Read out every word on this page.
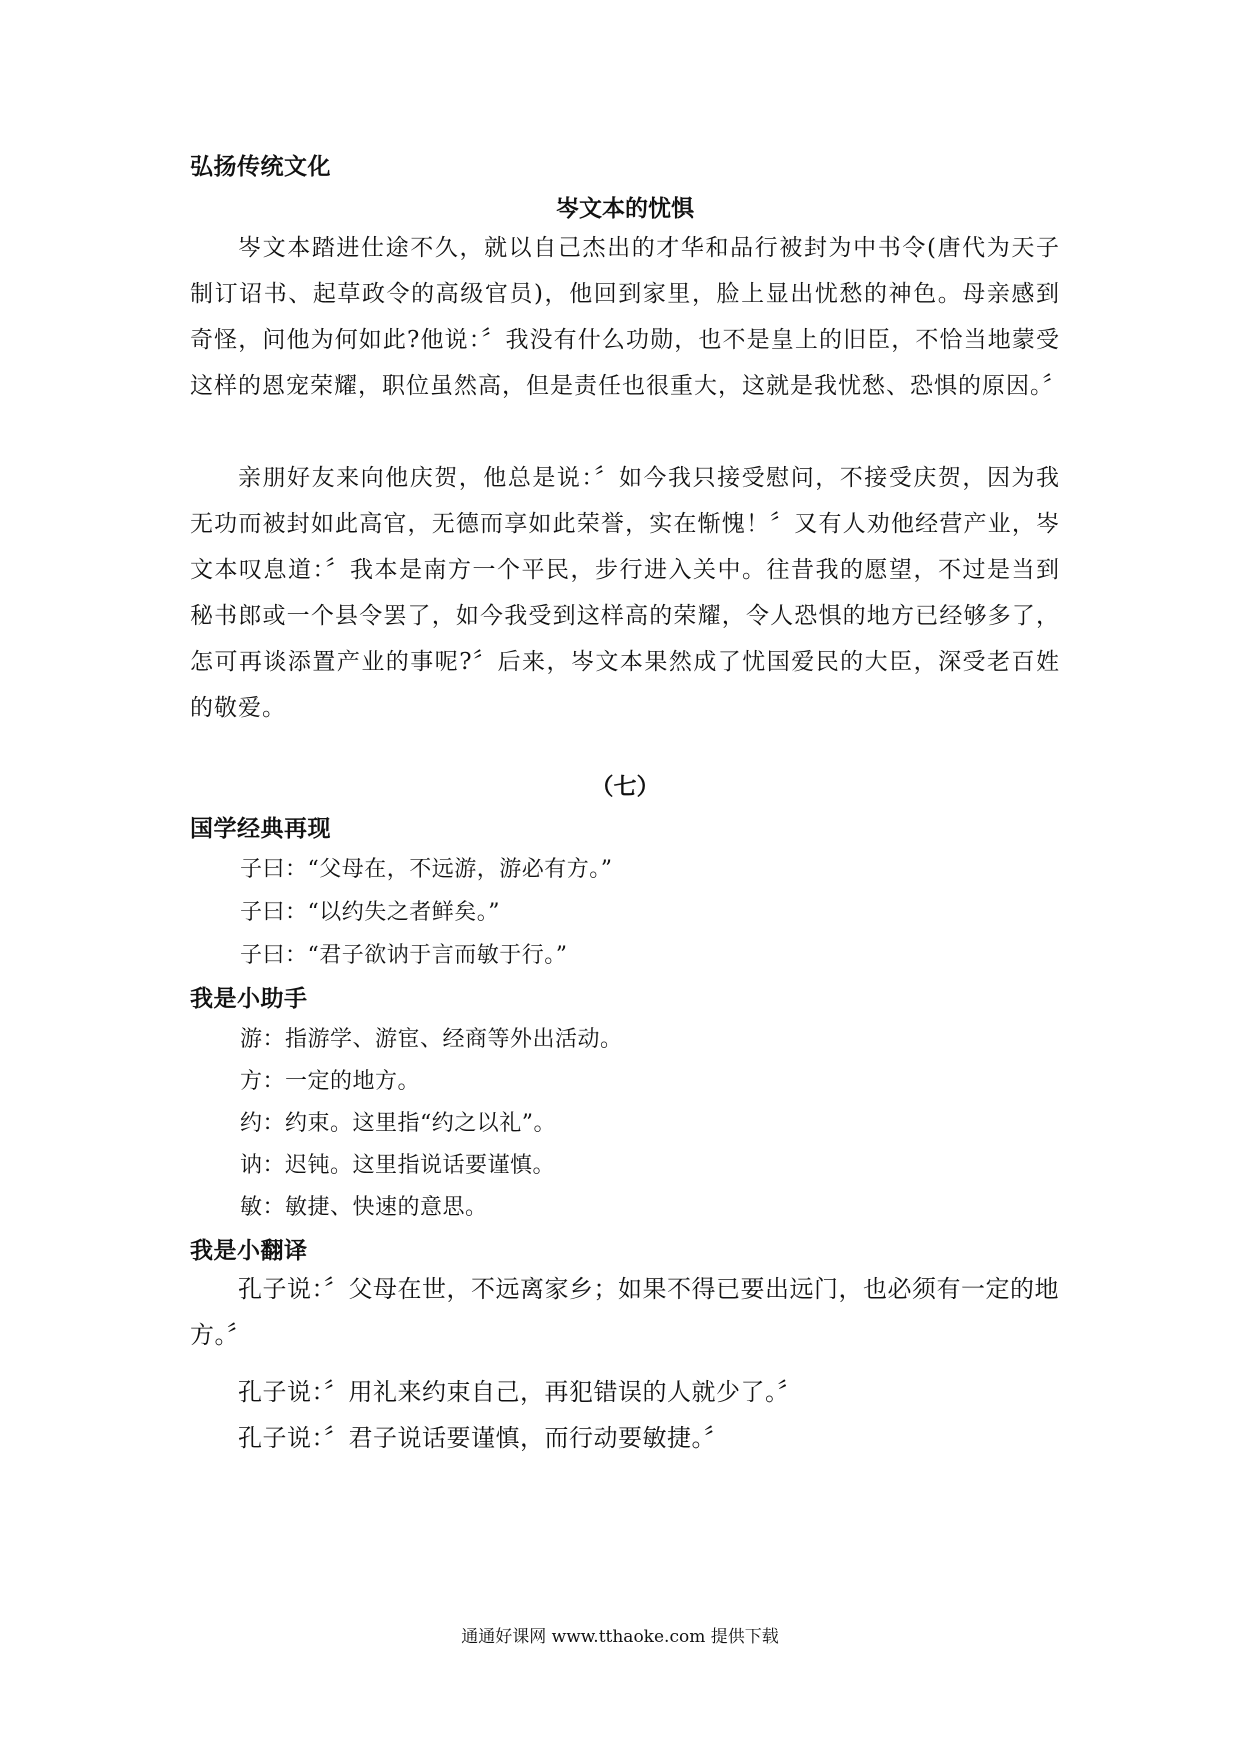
弘扬传统文化
岑文本的忧惧
岑文本踏进仕途不久，就以自己杰出的才华和品行被封为中书令(唐代为天子制订诏书、起草政令的高级官员)，他回到家里，脸上显出忧愁的神色。母亲感到奇怪，问他为何如此?他说：〞我没有什么功勋，也不是皇上的旧臣，不恰当地蒙受这样的恩宠荣耀，职位虽然高，但是责任也很重大，这就是我忧愁、恐惧的原因。〞
亲朋好友来向他庆贺，他总是说：〞如今我只接受慰问，不接受庆贺，因为我无功而被封如此高官，无德而享如此荣誉，实在惭愧！〞又有人劝他经营产业，岑文本叹息道：〞我本是南方一个平民，步行进入关中。往昔我的愿望，不过是当到秘书郎或一个县令罢了，如今我受到这样高的荣耀，令人恐惧的地方已经够多了，怎可再谈添置产业的事呢?〞后来，岑文本果然成了忧国爱民的大臣，深受老百姓的敬爱。
（七）
国学经典再现
子曰：“父母在，不远游，游必有方。”
子曰：“以约失之者鲜矣。”
子曰：“君子欲讷于言而敏于行。”
我是小助手
游：指游学、游宦、经商等外出活动。
方：一定的地方。
约：约束。这里指“约之以礼”。
讷：迟钝。这里指说话要谨慎。
敏：敏捷、快速的意思。
我是小翻译
孔子说：〞父母在世，不远离家乡；如果不得已要出远门，也必须有一定的地方。〞
孔子说：〞用礼来约束自己，再犯错误的人就少了。〞
孔子说：〞君子说话要谨慎，而行动要敏捷。〞
通通好课网 www.tthaoke.com 提供下载
